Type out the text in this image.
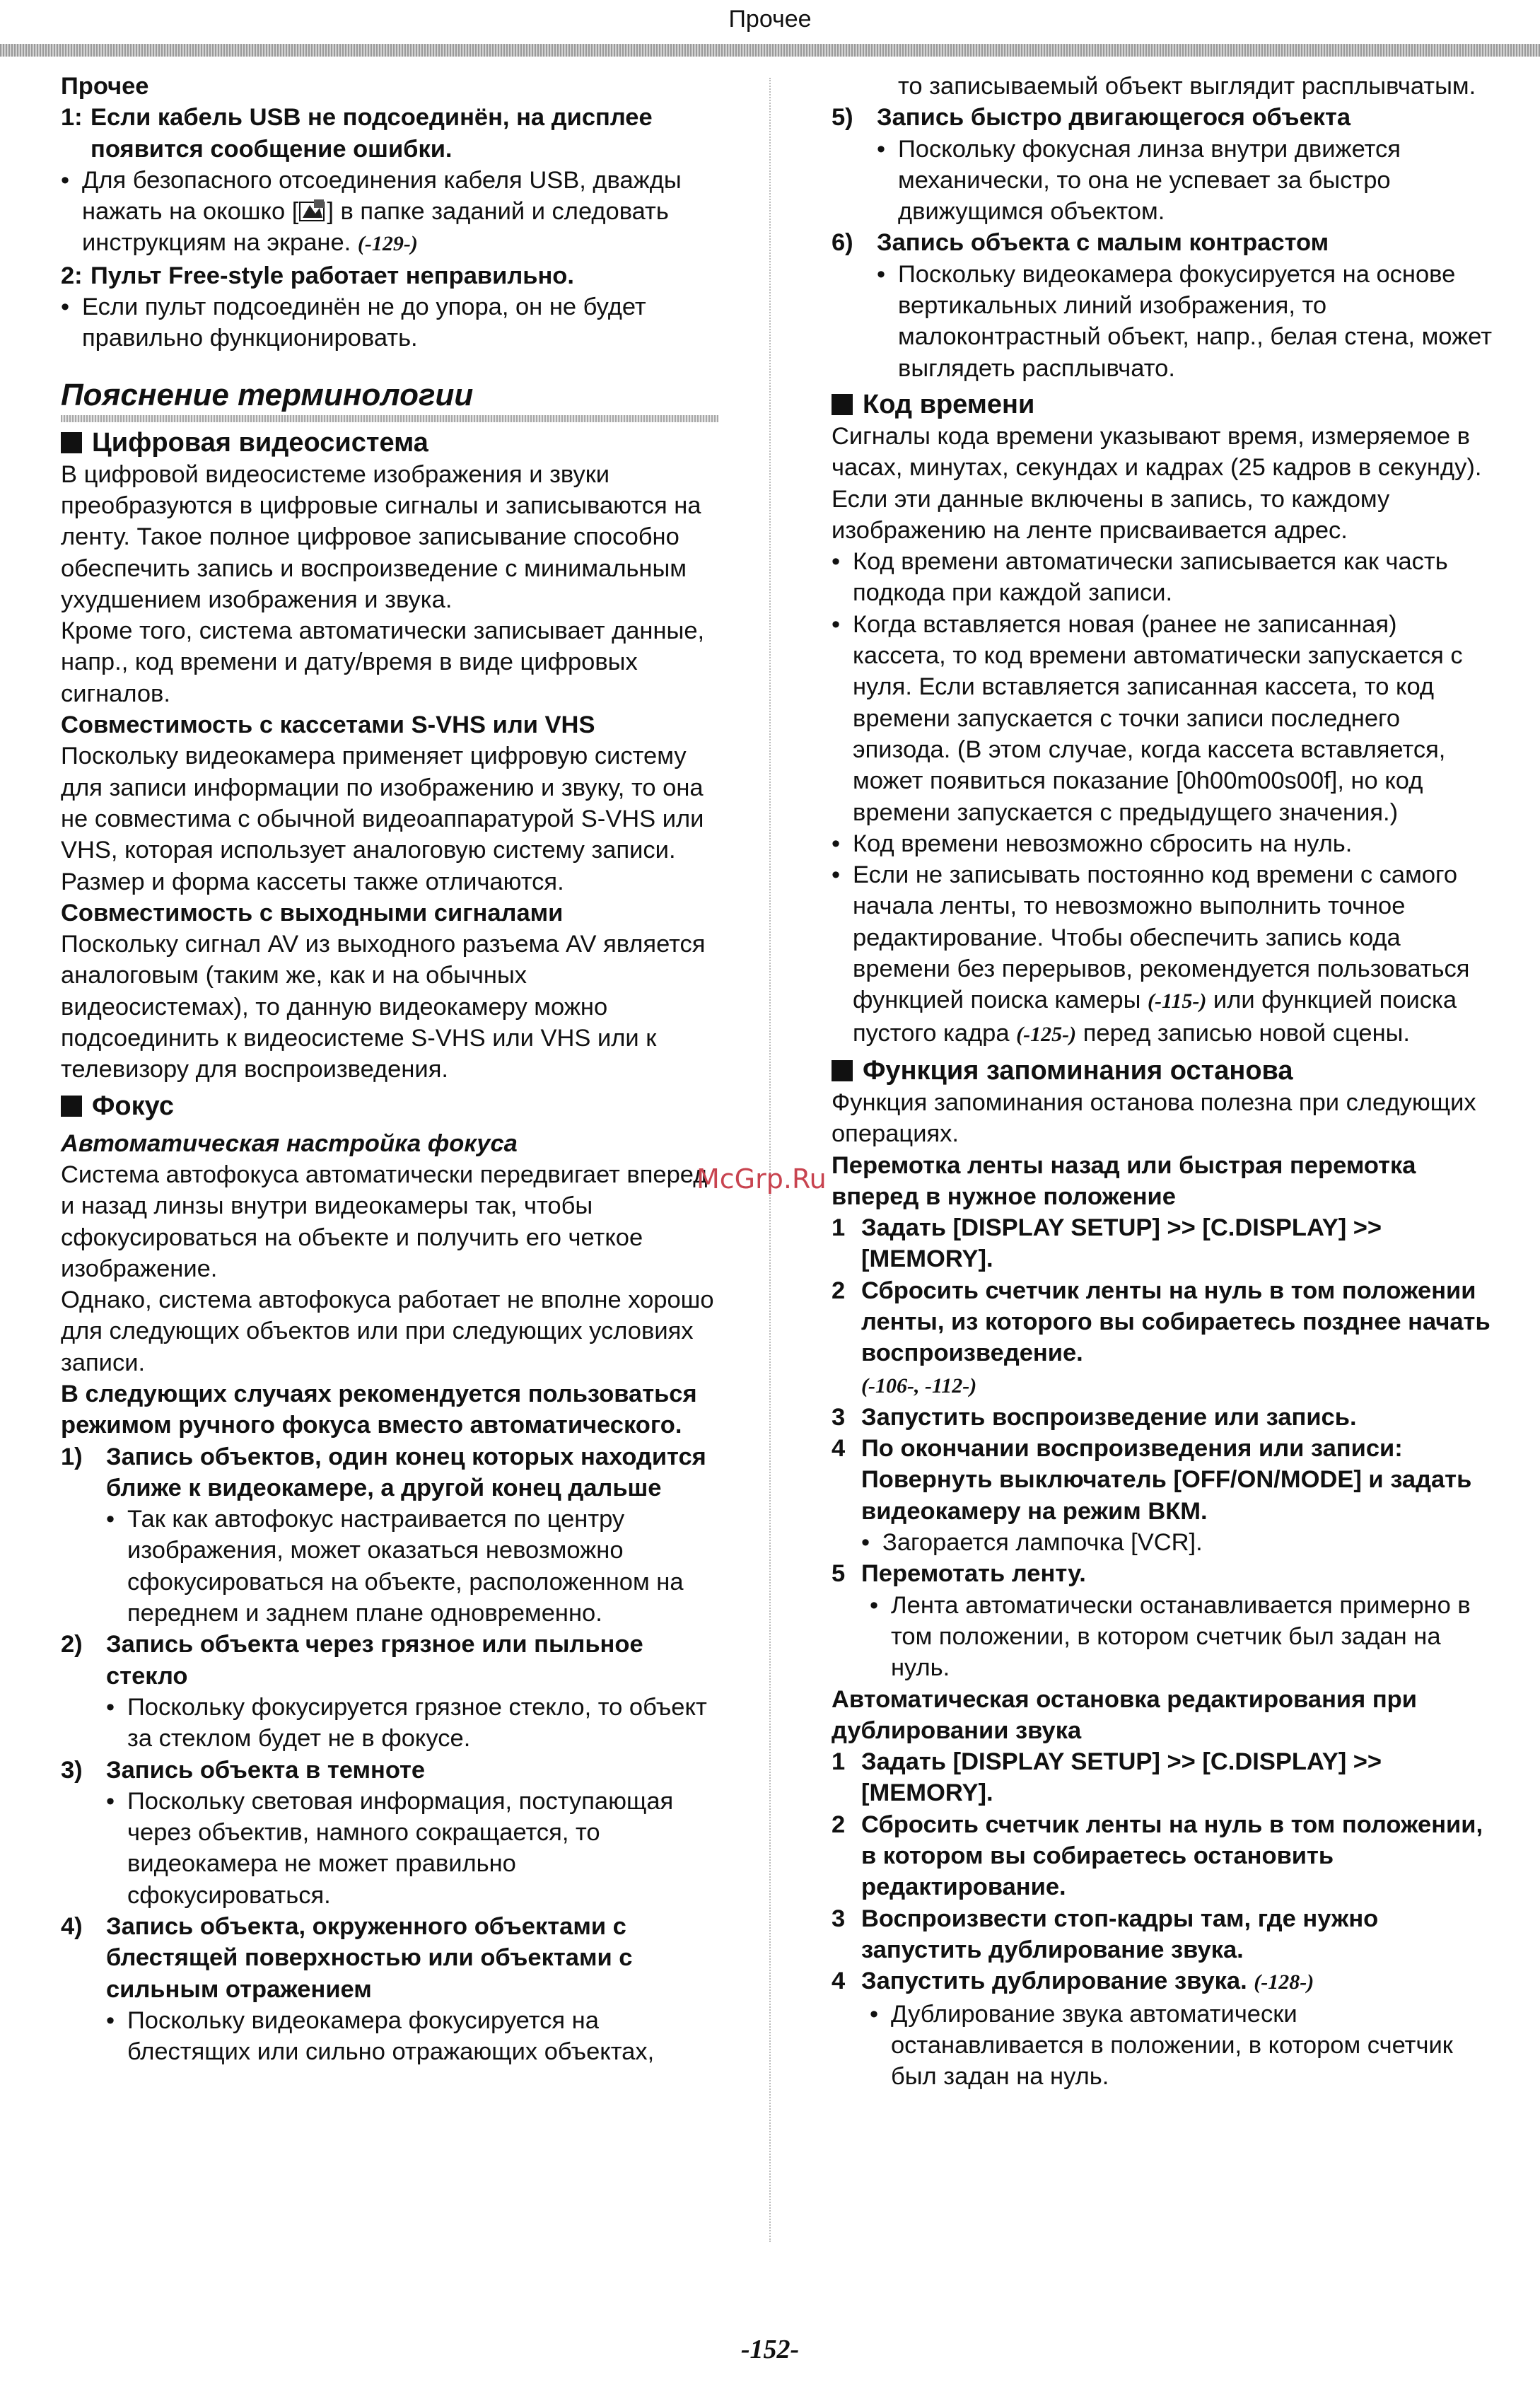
Прочее

Прочее

1: Если кабель USB не подсоединён, на дисплее появится сообщение ошибки.
• Для безопасного отсоединения кабеля USB, дважды нажать на окошко [ ] в папке заданий и следовать инструкциям на экране. (-129-)
2: Пульт Free-style работает неправильно.
• Если пульт подсоединён не до упора, он не будет правильно функционировать.

Пояснение терминологии

Цифровая видеосистема

В цифровой видеосистеме изображения и звуки преобразуются в цифровые сигналы и записываются на ленту. Такое полное цифровое записывание способно обеспечить запись и воспроизведение с минимальным ухудшением изображения и звука.

Кроме того, система автоматически записывает данные, напр., код времени и дату/время в виде цифровых сигналов.

Совместимость с кассетами S-VHS или VHS

Поскольку видеокамера применяет цифровую систему для записи информации по изображению и звуку, то она не совместима с обычной видеоаппаратурой S-VHS или VHS, которая использует аналоговую систему записи.

Размер и форма кассеты также отличаются.

Совместимость с выходными сигналами

Поскольку сигнал AV из выходного разъема AV является аналоговым (таким же, как и на обычных видеосистемах), то данную видеокамеру можно подсоединить к видеосистеме S-VHS или VHS или к телевизору для воспроизведения.

Фокус

Автоматическая настройка фокуса

Система автофокуса автоматически передвигает вперед и назад линзы внутри видеокамеры так, чтобы сфокусироваться на объекте и получить его четкое изображение.

Однако, система автофокуса работает не вполне хорошо для следующих объектов или при следующих условиях записи.

В следующих случаях рекомендуется пользоваться режимом ручного фокуса вместо автоматического.

1) Запись объектов, один конец которых находится ближе к видеокамере, а другой конец дальше
• Так как автофокус настраивается по центру изображения, может оказаться невозможно сфокусироваться на объекте, расположенном на переднем и заднем плане одновременно.
2) Запись объекта через грязное или пыльное стекло
• Поскольку фокусируется грязное стекло, то объект за стеклом будет не в фокусе.
3) Запись объекта в темноте
• Поскольку световая информация, поступающая через объектив, намного сокращается, то видеокамера не может правильно сфокусироваться.
4) Запись объекта, окруженного объектами с блестящей поверхностью или объектами с сильным отражением
• Поскольку видеокамера фокусируется на блестящих или сильно отражающих объектах,
то записываемый объект выглядит расплывчатым.
5) Запись быстро двигающегося объекта
• Поскольку фокусная линза внутри движется механически, то она не успевает за быстро движущимся объектом.
6) Запись объекта с малым контрастом
• Поскольку видеокамера фокусируется на основе вертикальных линий изображения, то малоконтрастный объект, напр., белая стена, может выглядеть расплывчато.

Код времени

Сигналы кода времени указывают время, измеряемое в часах, минутах, секундах и кадрах (25 кадров в секунду). Если эти данные включены в запись, то каждому изображению на ленте присваивается адрес.

• Код времени автоматически записывается как часть подкода при каждой записи.
• Когда вставляется новая (ранее не записанная) кассета, то код времени автоматически запускается с нуля. Если вставляется записанная кассета, то код времени запускается с точки записи последнего эпизода. (В этом случае, когда кассета вставляется, может появиться показание [0h00m00s00f], но код времени запускается с предыдущего значения.)
• Код времени невозможно сбросить на нуль.
• Если не записывать постоянно код времени с самого начала ленты, то невозможно выполнить точное редактирование. Чтобы обеспечить запись кода времени без перерывов, рекомендуется пользоваться функцией поиска камеры (-115-) или функцией поиска пустого кадра (-125-) перед записью новой сцены.

Функция запоминания останова

Функция запоминания останова полезна при следующих операциях.

Перемотка ленты назад или быстрая перемотка вперед в нужное положение

1 Задать [DISPLAY SETUP] >> [C.DISPLAY] >> [MEMORY].
2 Сбросить счетчик ленты на нуль в том положении ленты, из которого вы собираетесь позднее начать воспроизведение.
(-106-, -112-)
3 Запустить воспроизведение или запись.
4 По окончании воспроизведения или записи: Повернуть выключатель [OFF/ON/MODE] и задать видеокамеру на режим ВКМ.
• Загорается лампочка [VCR].
5 Перемотать ленту.
• Лента автоматически останавливается примерно в том положении, в котором счетчик был задан на нуль.

Автоматическая остановка редактирования при дублировании звука

1 Задать [DISPLAY SETUP] >> [C.DISPLAY] >> [MEMORY].
2 Сбросить счетчик ленты на нуль в том положении, в котором вы собираетесь остановить редактирование.
3 Воспроизвести стоп-кадры там, где нужно запустить дублирование звука.
4 Запустить дублирование звука. (-128-)
• Дублирование звука автоматически останавливается в положении, в котором счетчик был задан на нуль.
McGrp.Ru
-152-
